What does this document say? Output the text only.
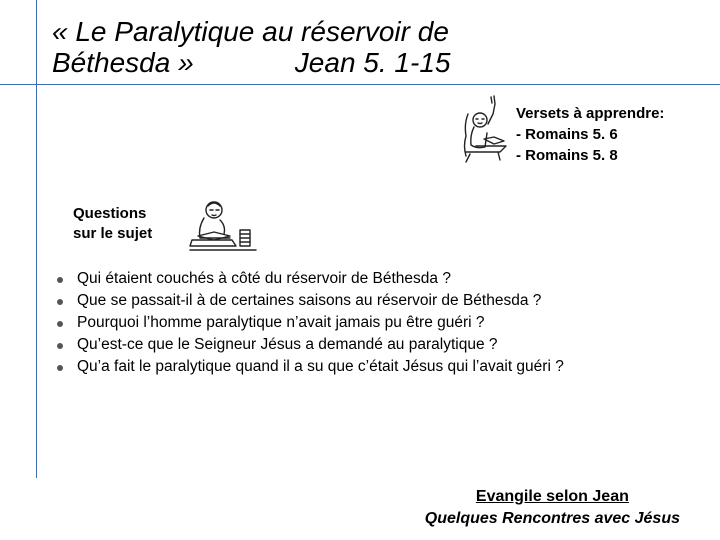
« Le Paralytique au réservoir de
Béthesda »             Jean 5. 1-15
Versets à apprendre:
- Romains 5. 6
- Romains 5. 8
Questions
sur le sujet
Qui étaient couchés à côté du réservoir de Béthesda ?
Que se passait-il à de certaines saisons au réservoir de Béthesda ?
Pourquoi l’homme paralytique n’avait jamais pu être guéri ?
Qu’est-ce que le Seigneur Jésus a demandé au paralytique ?
Qu’a fait le paralytique quand il a su que c’était Jésus qui l’avait guéri ?
Evangile selon Jean
Quelques Rencontres avec Jésus
